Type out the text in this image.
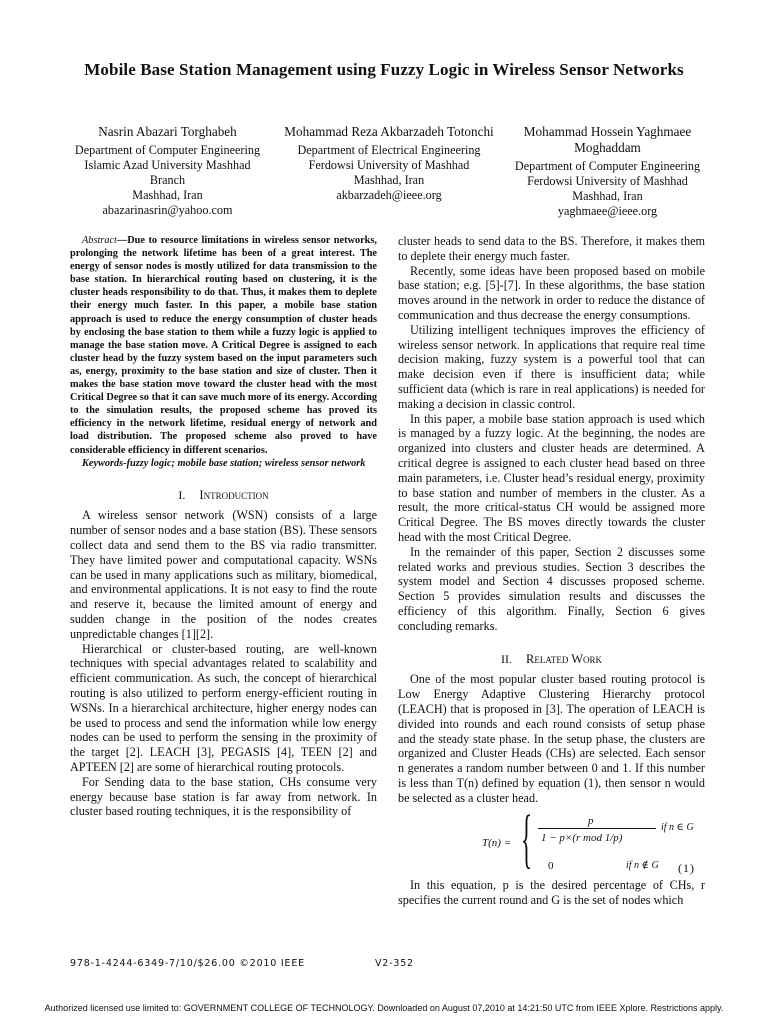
Mobile Base Station Management using Fuzzy Logic in Wireless Sensor Networks
Nasrin Abazari Torghabeh
Department of Computer Engineering
Islamic Azad University Mashhad
Branch
Mashhad, Iran
abazarinasrin@yahoo.com
Mohammad Reza Akbarzadeh Totonchi
Department of Electrical Engineering
Ferdowsi University of Mashhad
Mashhad, Iran
akbarzadeh@ieee.org
Mohammad Hossein Yaghmaee Moghaddam
Department of Computer Engineering
Ferdowsi University of Mashhad
Mashhad, Iran
yaghmaee@ieee.org

Abstract—Due to resource limitations in wireless sensor networks, prolonging the network lifetime has been of a great interest. The energy of sensor nodes is mostly utilized for data transmission to the base station. In hierarchical routing based on clustering, it is the cluster heads responsibility to do that. Thus, it makes them to deplete their energy much faster. In this paper, a mobile base station approach is used to reduce the energy consumption of cluster heads by enclosing the base station to them while a fuzzy logic is applied to manage the base station move. A Critical Degree is assigned to each cluster head by the fuzzy system based on the input parameters such as, energy, proximity to the base station and size of cluster. Then it makes the base station move toward the cluster head with the most Critical Degree so that it can save much more of its energy. According to the simulation results, the proposed scheme has proved its efficiency in the network lifetime, residual energy of network and load distribution. The proposed scheme also proved to have considerable efficiency in different scenarios.

Keywords-fuzzy logic; mobile base station; wireless sensor network

I. Introduction

A wireless sensor network (WSN) consists of a large number of sensor nodes and a base station (BS). These sensors collect data and send them to the BS via radio transmitter. They have limited power and computational capacity. WSNs can be used in many applications such as military, biomedical, and environmental applications. It is not easy to find the route and reserve it, because the limited amount of energy and sudden change in the position of the nodes creates unpredictable changes [1][2].

Hierarchical or cluster-based routing, are well-known techniques with special advantages related to scalability and efficient communication. As such, the concept of hierarchical routing is also utilized to perform energy-efficient routing in WSNs. In a hierarchical architecture, higher energy nodes can be used to process and send the information while low energy nodes can be used to perform the sensing in the proximity of the target [2]. LEACH [3], PEGASIS [4], TEEN [2] and APTEEN [2] are some of hierarchical routing protocols.

For Sending data to the base station, CHs consume very energy because base station is far away from network. In cluster based routing techniques, it is the responsibility of

cluster heads to send data to the BS. Therefore, it makes them to deplete their energy much faster.

Recently, some ideas have been proposed based on mobile base station; e.g. [5]-[7]. In these algorithms, the base station moves around in the network in order to reduce the distance of communication and thus decrease the energy consumptions.

Utilizing intelligent techniques improves the efficiency of wireless sensor network. In applications that require real time decision making, fuzzy system is a powerful tool that can make decision even if there is insufficient data; while sufficient data (which is rare in real applications) is needed for making a decision in classic control.

In this paper, a mobile base station approach is used which is managed by a fuzzy logic. At the beginning, the nodes are organized into clusters and cluster heads are determined. A critical degree is assigned to each cluster head based on three main parameters, i.e. Cluster head’s residual energy, proximity to base station and number of members in the cluster. As a result, the more critical-status CH would be assigned more Critical Degree. The BS moves directly towards the cluster head with the most Critical Degree.

In the remainder of this paper, Section 2 discusses some related works and previous studies. Section 3 describes the system model and Section 4 discusses proposed scheme. Section 5 provides simulation results and discusses the efficiency of this algorithm. Finally, Section 6 gives concluding remarks.

II. Related Work

One of the most popular cluster based routing protocol is Low Energy Adaptive Clustering Hierarchy protocol (LEACH) that is proposed in [3]. The operation of LEACH is divided into rounds and each round consists of setup phase and the steady state phase. In the setup phase, the clusters are organized and Cluster Heads (CHs) are selected. Each sensor n generates a random number between 0 and 1. If this number is less than T(n) defined by equation (1), then sensor n would be selected as a cluster head.

T(n) = {	p
1 − p×(r mod 1/p)
0
if n ∈ G
if n ∉ G (1)

In this equation, p is the desired percentage of CHs, r specifies the current round and G is the set of nodes which

978-1-4244-6349-7/10/$26.00 ©2010 IEEE	V2-352
Authorized licensed use limited to: GOVERNMENT COLLEGE OF TECHNOLOGY. Downloaded on August 07,2010 at 14:21:50 UTC from IEEE Xplore. Restrictions apply.
